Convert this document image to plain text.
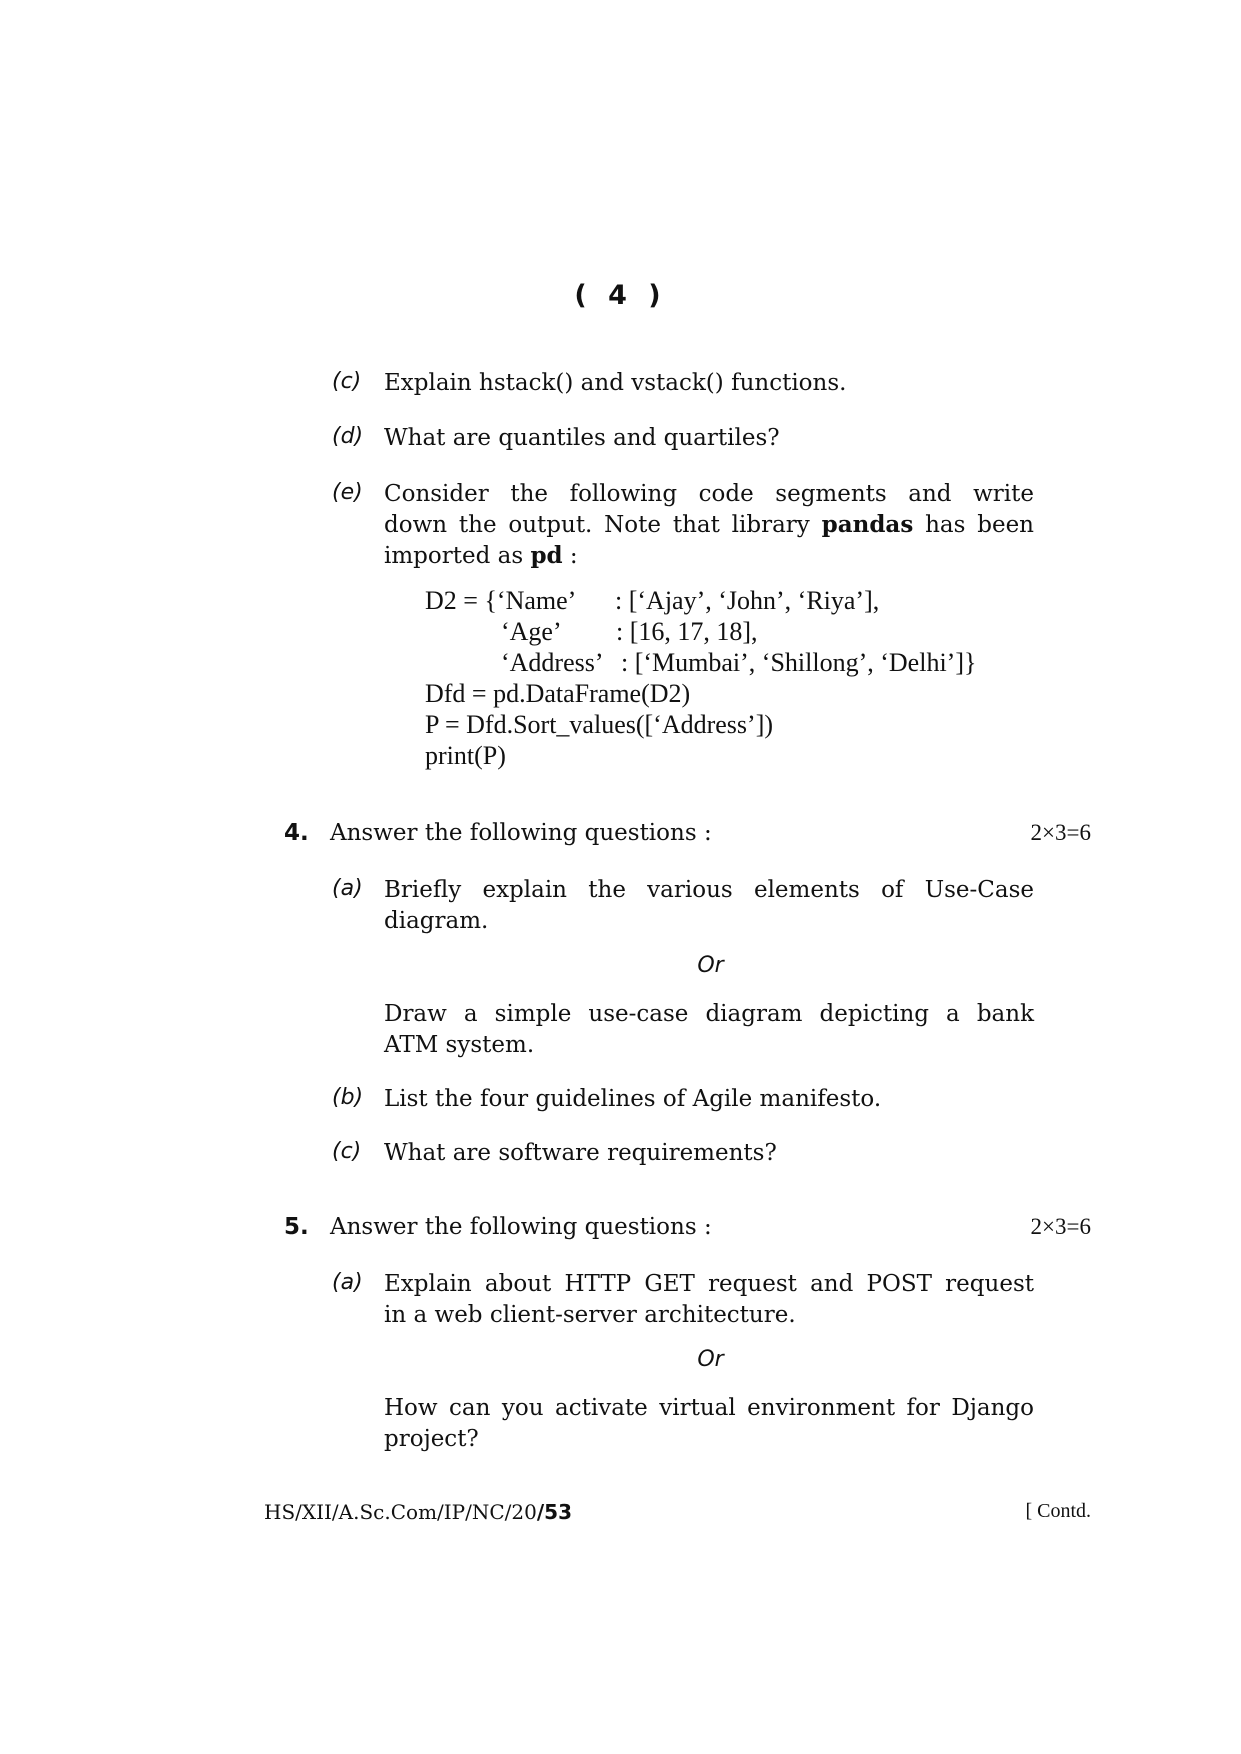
( 4 )
(c) Explain hstack() and vstack() functions.
(d) What are quantiles and quartiles?
(e) Consider the following code segments and write
down the output. Note that library pandas has been
imported as pd :
D2 = {‘Name’ : [‘Ajay’, ‘John’, ‘Riya’],
‘Age’ : [16, 17, 18],
‘Address’ : [‘Mumbai’, ‘Shillong’, ‘Delhi’]}
Dfd = pd.DataFrame(D2)
P = Dfd.Sort_values([‘Address’])
print(P)
4. Answer the following questions :	2×3=6
(a) Briefly explain the various elements of Use-Case
diagram.
Or
Draw a simple use-case diagram depicting a bank
ATM system.
(b) List the four guidelines of Agile manifesto.
(c) What are software requirements?
5. Answer the following questions :	2×3=6
(a) Explain about HTTP GET request and POST request
in a web client-server architecture.
Or
How can you activate virtual environment for Django
project?
HS/XII/A.Sc.Com/IP/NC/20/53	[ Contd.
